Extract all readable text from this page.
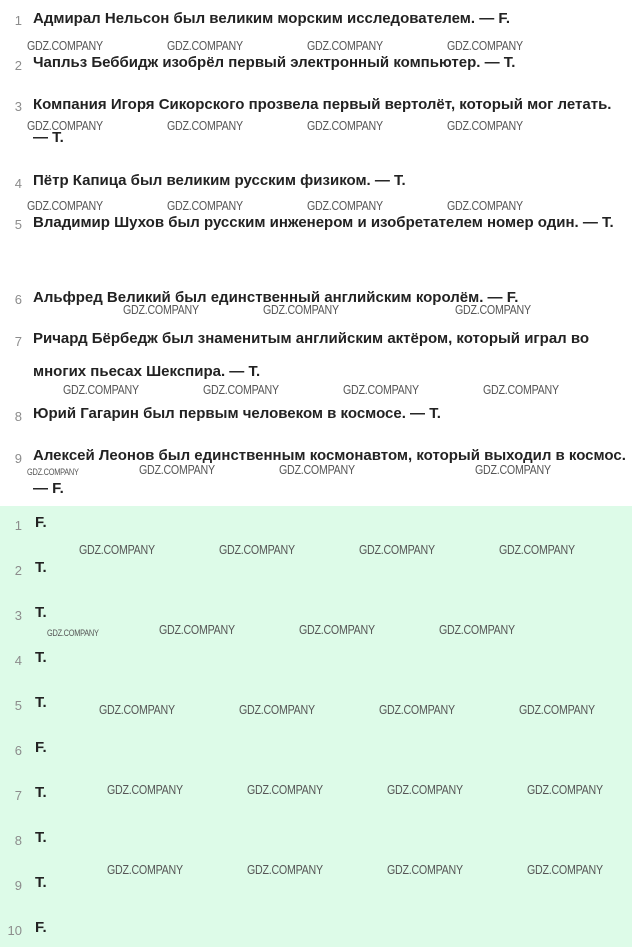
1 Адмирал Нельсон был великим морским исследователем. — F.
2 Чапльз Беббидж изобрёл первый электронный компьютер. — T.
3 Компания Игоря Сикорского прозвела первый вертолёт, который мог летать. — T.
4 Пётр Капица был великим русским физиком. — T.
5 Владимир Шухов был русским инженером и изобретателем номер один. — T.
6 Альфред Великий был единственный английским королём. — F.
7 Ричард Бёрбедж был знаменитым английским актёром, который играл во многих пьесах Шекспира. — T.
8 Юрий Гагарин был первым человеком в космосе. — T.
9 Алексей Леонов был единственным космонавтом, который выходил в космос. — F.
GDZ.COMPANY	GDZ.COMPANY	GDZ.COMPANY	GDZ.COMPANY
GDZ.COMPANY	GDZ.COMPANY	GDZ.COMPANY	GDZ.COMPANY
GDZ.COMPANY	GDZ.COMPANY	GDZ.COMPANY	GDZ.COMPANY
GDZ.COMPANY	GDZ.COMPANY	GDZ.COMPANY
GDZ.COMPANY	GDZ.COMPANY	GDZ.COMPANY	GDZ.COMPANY
GDZ.COMPANY	GDZ.COMPANY	GDZ.COMPANY	GDZ.COMPANY
1 F.
2 T.
3 T.
4 T.
5 T.
6 F.
7 T.
8 T.
9 T.
10 F.
GDZ.COMPANY	GDZ.COMPANY	GDZ.COMPANY	GDZ.COMPANY
GDZ.COMPANY	GDZ.COMPANY	GDZ.COMPANY	GDZ.COMPANY
GDZ.COMPANY	GDZ.COMPANY	GDZ.COMPANY	GDZ.COMPANY
GDZ.COMPANY	GDZ.COMPANY	GDZ.COMPANY	GDZ.COMPANY
GDZ.COMPANY	GDZ.COMPANY	GDZ.COMPANY	GDZ.COMPANY
